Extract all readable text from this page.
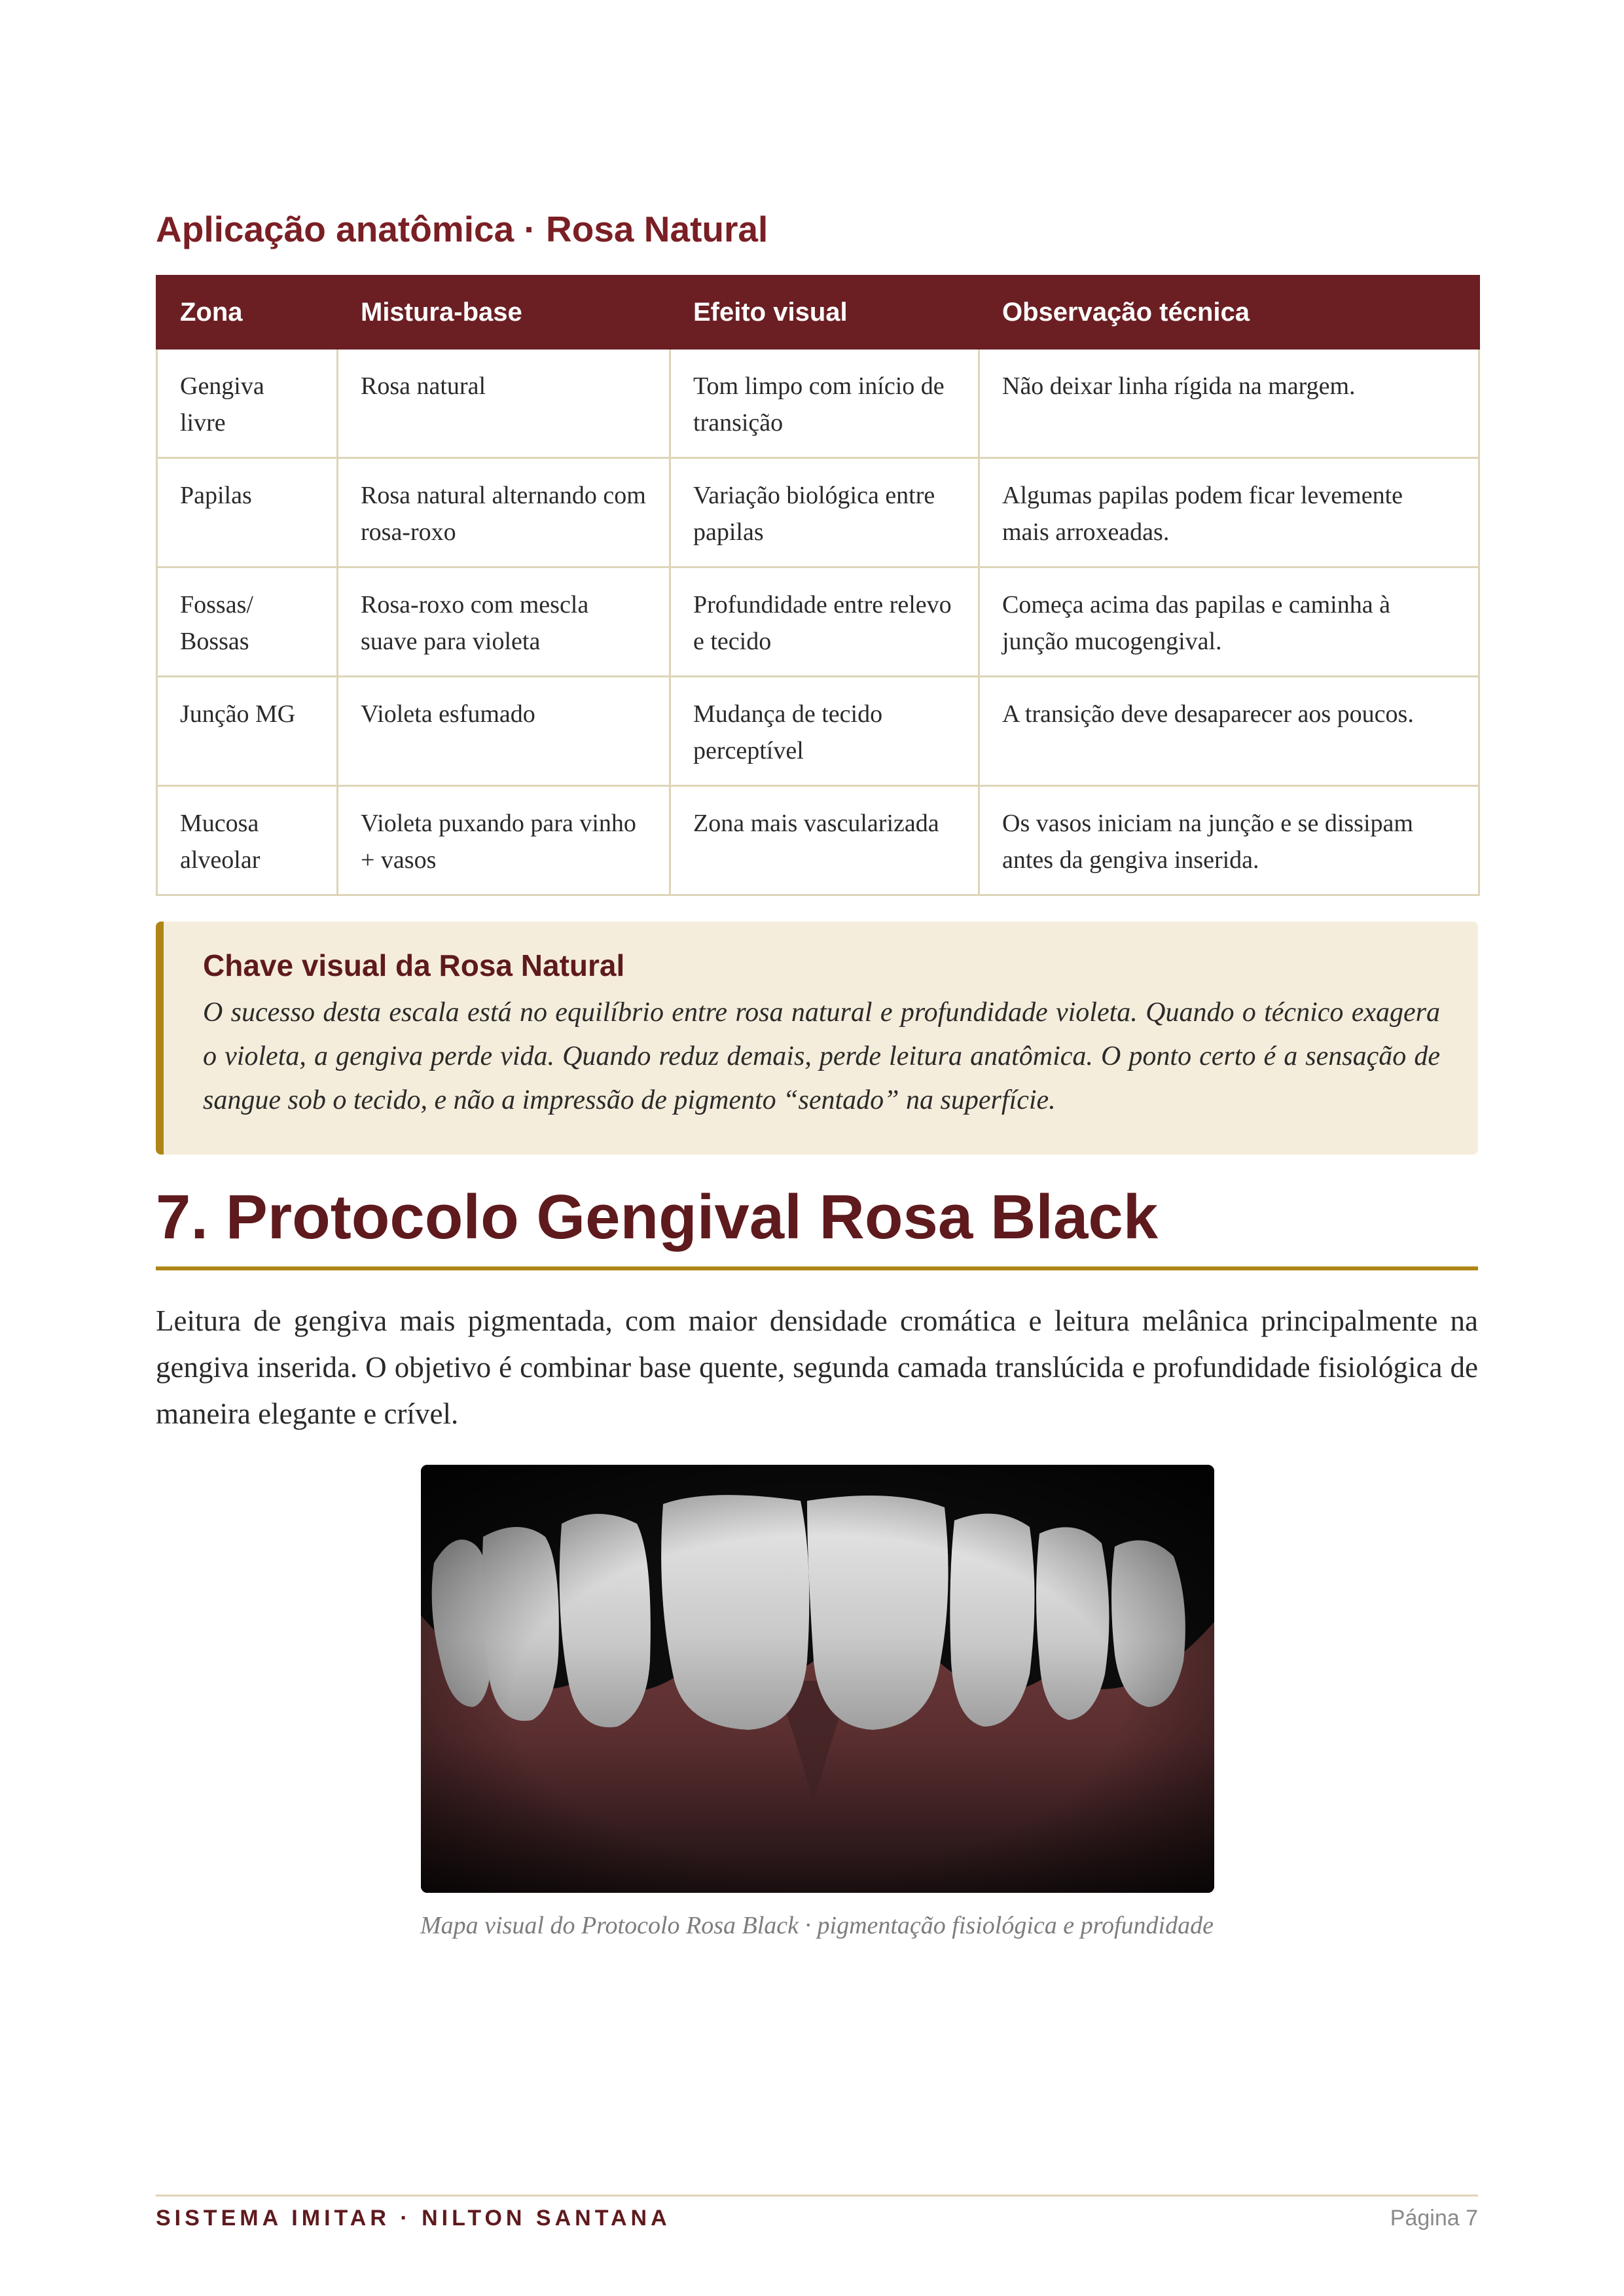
Aplicação anatômica · Rosa Natural
Zona	Mistura-base	Efeito visual	Observação técnica
Gengiva livre	Rosa natural	Tom limpo com início de transição	Não deixar linha rígida na margem.
Papilas	Rosa natural alternando com rosa-roxo	Variação biológica entre papilas	Algumas papilas podem ficar levemente mais arroxeadas.
Fossas/ Bossas	Rosa-roxo com mescla suave para violeta	Profundidade entre relevo e tecido	Começa acima das papilas e caminha à junção mucogengival.
Junção MG	Violeta esfumado	Mudança de tecido perceptível	A transição deve desaparecer aos poucos.
Mucosa alveolar	Violeta puxando para vinho + vasos	Zona mais vascularizada	Os vasos iniciam na junção e se dissipam antes da gengiva inserida.
Chave visual da Rosa Natural

O sucesso desta escala está no equilíbrio entre rosa natural e profundidade violeta. Quando o técnico exagera o violeta, a gengiva perde vida. Quando reduz demais, perde leitura anatômica. O ponto certo é a sensação de sangue sob o tecido, e não a impressão de pigmento “sentado” na superfície.

7. Protocolo Gengival Rosa Black

Leitura de gengiva mais pigmentada, com maior densidade cromática e leitura melânica principalmente na gengiva inserida. O objetivo é combinar base quente, segunda camada translúcida e profundidade fisiológica de maneira elegante e crível.

Mapa visual do Protocolo Rosa Black · pigmentação fisiológica e profundidade
SISTEMA IMITAR · NILTON SANTANA	Página 7
